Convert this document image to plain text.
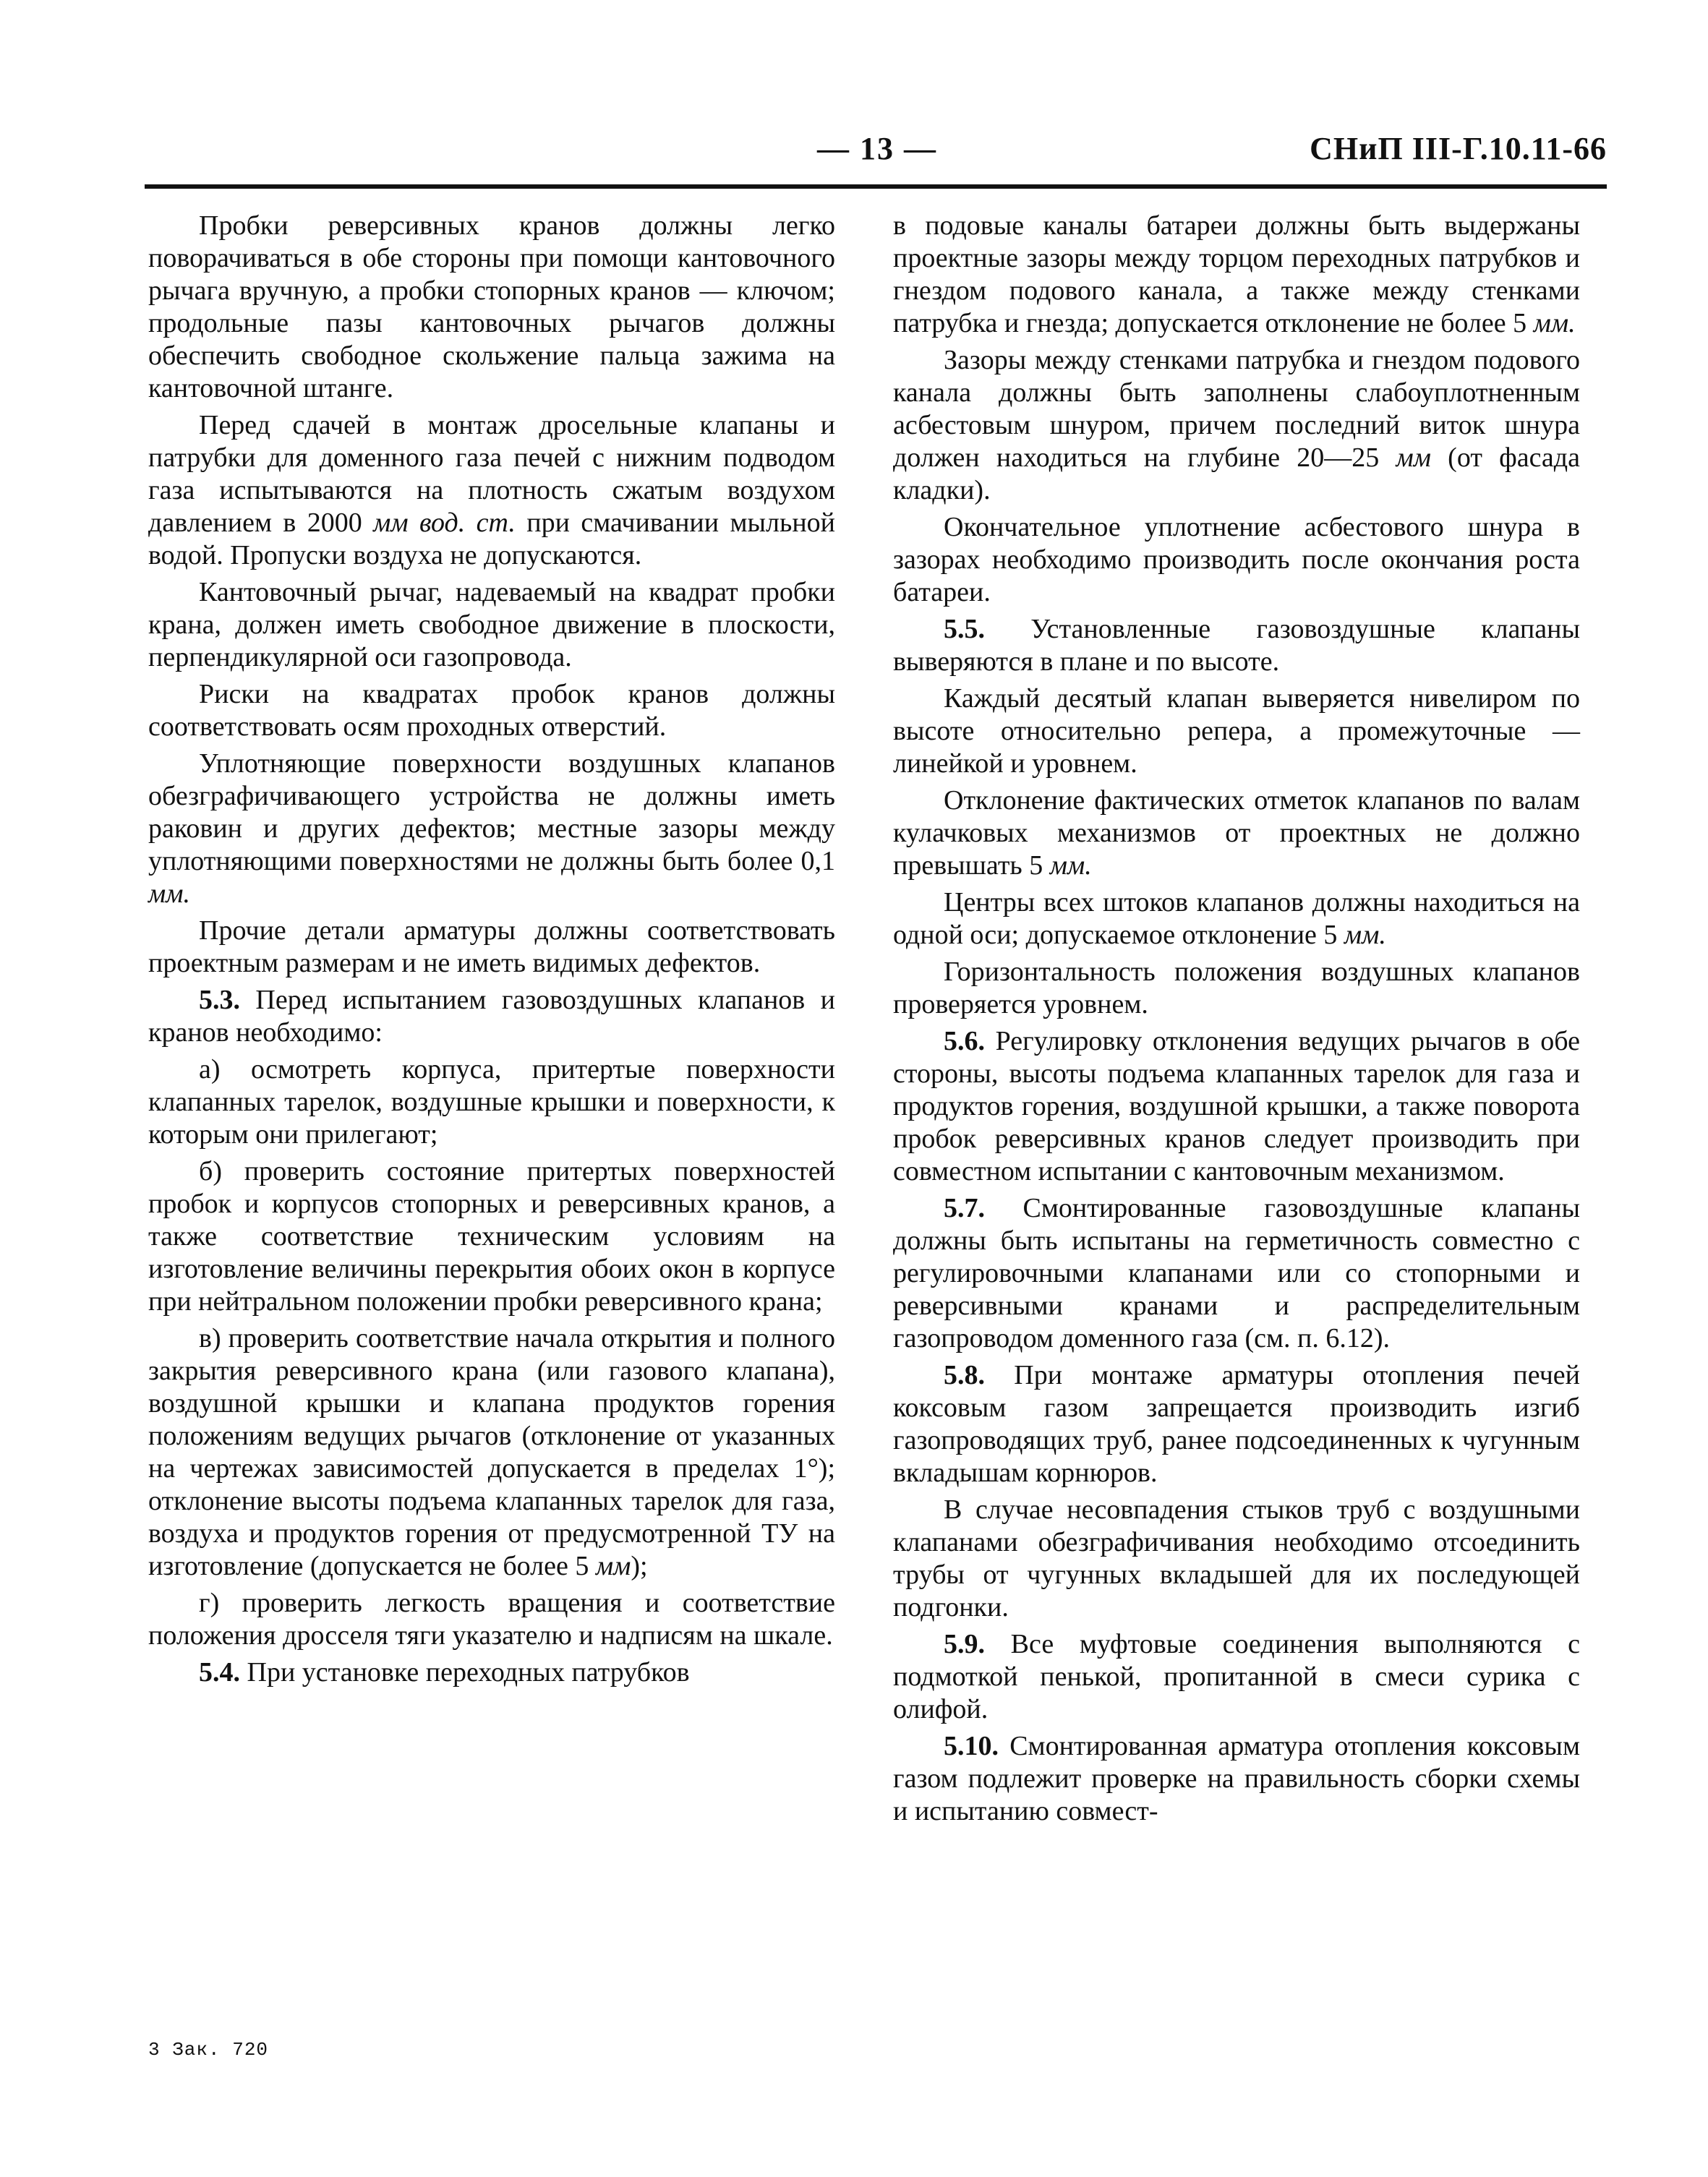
— 13 —	СНиП III-Г.10.11-66

Пробки реверсивных кранов должны легко поворачиваться в обе стороны при помощи кантовочного рычага вручную, а пробки стопорных кранов — ключом; продольные пазы кантовочных рычагов должны обеспечить свободное скольжение пальца зажима на кантовочной штанге.

Перед сдачей в монтаж дросельные клапаны и патрубки для доменного газа печей с нижним подводом газа испытываются на плотность сжатым воздухом давлением в 2000 мм вод. ст. при смачивании мыльной водой. Пропуски воздуха не допускаются.

Кантовочный рычаг, надеваемый на квадрат пробки крана, должен иметь свободное движение в плоскости, перпендикулярной оси газопровода.

Риски на квадратах пробок кранов должны соответствовать осям проходных отверстий.

Уплотняющие поверхности воздушных клапанов обезграфичивающего устройства не должны иметь раковин и других дефектов; местные зазоры между уплотняющими поверхностями не должны быть более 0,1 мм.

Прочие детали арматуры должны соответствовать проектным размерам и не иметь видимых дефектов.

5.3. Перед испытанием газовоздушных клапанов и кранов необходимо:

а) осмотреть корпуса, притертые поверхности клапанных тарелок, воздушные крышки и поверхности, к которым они прилегают;

б) проверить состояние притертых поверхностей пробок и корпусов стопорных и реверсивных кранов, а также соответствие техническим условиям на изготовление величины перекрытия обоих окон в корпусе при нейтральном положении пробки реверсивного крана;

в) проверить соответствие начала открытия и полного закрытия реверсивного крана (или газового клапана), воздушной крышки и клапана продуктов горения положениям ведущих рычагов (отклонение от указанных на чертежах зависимостей допускается в пределах 1°); отклонение высоты подъема клапанных тарелок для газа, воздуха и продуктов горения от предусмотренной ТУ на изготовление (допускается не более 5 мм);

г) проверить легкость вращения и соответствие положения дросселя тяги указателю и надписям на шкале.

5.4. При установке переходных патрубков

в подовые каналы батареи должны быть выдержаны проектные зазоры между торцом переходных патрубков и гнездом подового канала, а также между стенками патрубка и гнезда; допускается отклонение не более 5 мм.

Зазоры между стенками патрубка и гнездом подового канала должны быть заполнены слабоуплотненным асбестовым шнуром, причем последний виток шнура должен находиться на глубине 20—25 мм (от фасада кладки).

Окончательное уплотнение асбестового шнура в зазорах необходимо производить после окончания роста батареи.

5.5. Установленные газовоздушные клапаны выверяются в плане и по высоте.

Каждый десятый клапан выверяется нивелиром по высоте относительно репера, а промежуточные — линейкой и уровнем.

Отклонение фактических отметок клапанов по валам кулачковых механизмов от проектных не должно превышать 5 мм.

Центры всех штоков клапанов должны находиться на одной оси; допускаемое отклонение 5 мм.

Горизонтальность положения воздушных клапанов проверяется уровнем.

5.6. Регулировку отклонения ведущих рычагов в обе стороны, высоты подъема клапанных тарелок для газа и продуктов горения, воздушной крышки, а также поворота пробок реверсивных кранов следует производить при совместном испытании с кантовочным механизмом.

5.7. Смонтированные газовоздушные клапаны должны быть испытаны на герметичность совместно с регулировочными клапанами или со стопорными и реверсивными кранами и распределительным газопроводом доменного газа (см. п. 6.12).

5.8. При монтаже арматуры отопления печей коксовым газом запрещается производить изгиб газопроводящих труб, ранее подсоединенных к чугунным вкладышам корнюров.

В случае несовпадения стыков труб с воздушными клапанами обезграфичивания необходимо отсоединить трубы от чугунных вкладышей для их последующей подгонки.

5.9. Все муфтовые соединения выполняются с подмоткой пенькой, пропитанной в смеси сурика с олифой.

5.10. Смонтированная арматура отопления коксовым газом подлежит проверке на правильность сборки схемы и испытанию совмест-

3 Зак. 720
